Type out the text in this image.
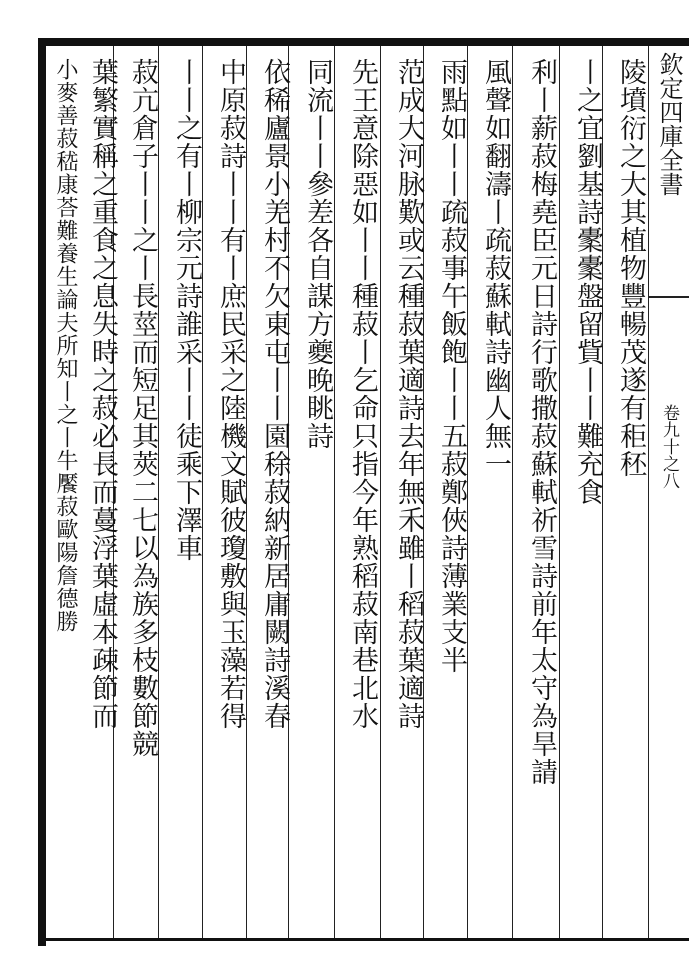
欽定四庫全書
卷九十之八
陵墳衍之大其植物豐暢茂遂有秬秠
丨之宜劉基詩㯻㯻盤留貲丨丨難充食
利丨薪菽梅堯臣元日詩行歌撒菽蘇軾祈雪詩前年太守為旱請
風聲如翻濤丨疏菽蘇軾詩幽人無一
雨點如丨丨疏菽事午飯飽丨丨五菽鄭俠詩薄業支半
范成大河脉歎或云種菽葉適詩去年無禾雖丨稻菽葉適詩
先王意除惡如丨丨種菽丨乞命只指今年熟稻菽南巷北水
同流丨丨參差各自謀方夔晚眺詩
依稀廬景小羌村不欠東屯丨丨園稌菽納新居庸闕詩溪春
中原菽詩丨丨有丨庶民采之陸機文賦彼瓊敷與玉藻若得
丨丨之有丨柳宗元詩誰采丨丨徒乘下澤車
菽亢倉子丨丨之丨長莖而短足其莢二七以為族多枝數節競
葉繁實稱之重食之息失時之菽必長而蔓浮葉虛本疎節而
小麥善菽嵇康荅難養生論夫所知丨之丨牛饜菽歐陽詹德勝
